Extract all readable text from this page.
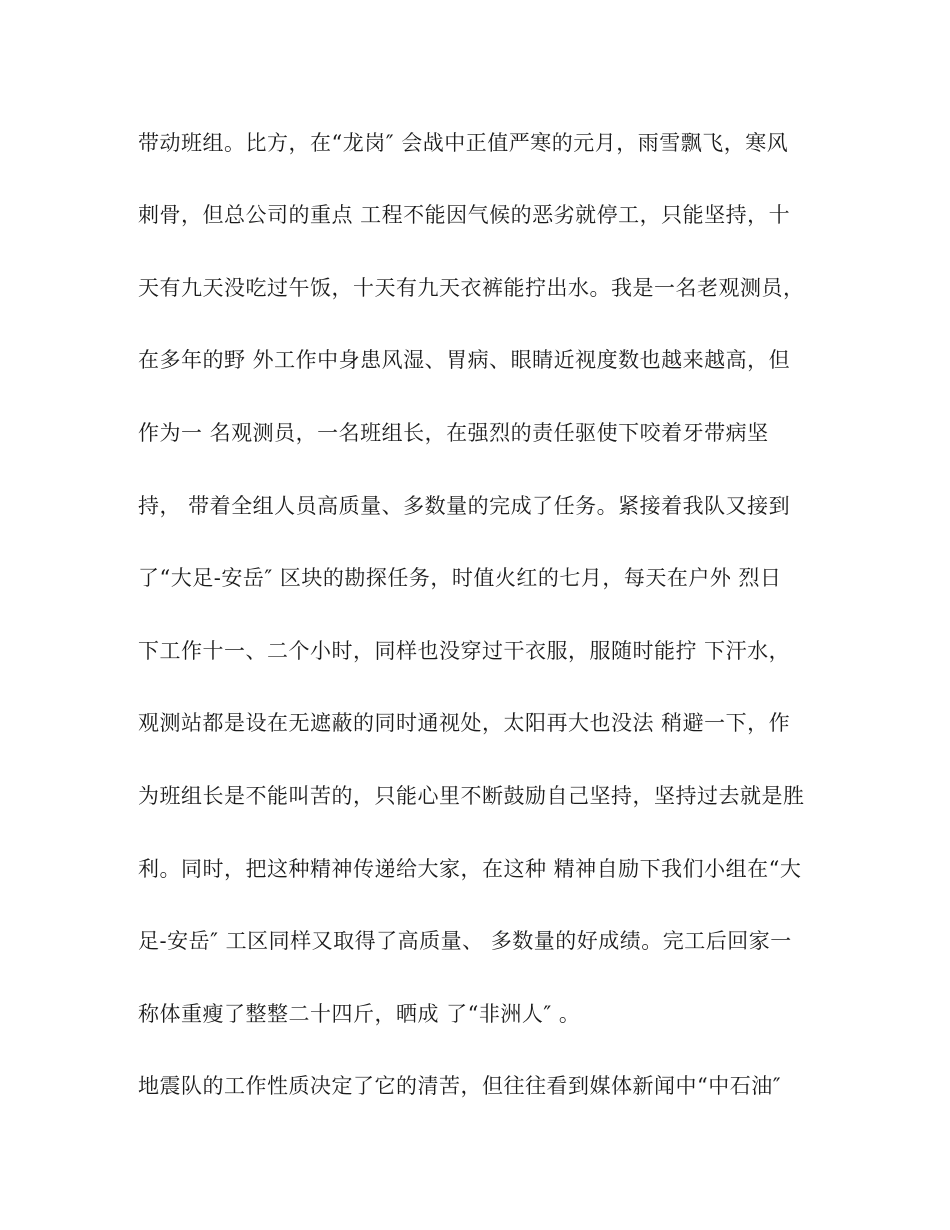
带动班组。比方，在“龙岗″ 会战中正值严寒的元月，雨雪飘飞，寒风
刺骨，但总公司的重点 工程不能因气候的恶劣就停工，只能坚持，十
天有九天没吃过午饭，十天有九天衣裤能拧出水。我是一名老观测员，
在多年的野 外工作中身患风湿、胃病、眼睛近视度数也越来越高，但
作为一 名观测员，一名班组长，在强烈的责任驱使下咬着牙带病坚
持， 带着全组人员高质量、多数量的完成了任务。紧接着我队又接到
了“大足-安岳″ 区块的勘探任务，时值火红的七月，每天在户外 烈日
下工作十一、二个小时，同样也没穿过干衣服，服随时能拧 下汗水，
观测站都是设在无遮蔽的同时通视处，太阳再大也没法 稍避一下，作
为班组长是不能叫苦的，只能心里不断鼓励自己坚持，坚持过去就是胜
利。同时，把这种精神传递给大家，在这种 精神自励下我们小组在“大
足-安岳″ 工区同样又取得了高质量、 多数量的好成绩。完工后回家一
称体重瘦了整整二十四斤，晒成 了“非洲人″ 。
地震队的工作性质决定了它的清苦，但往往看到媒体新闻中“中石油″
